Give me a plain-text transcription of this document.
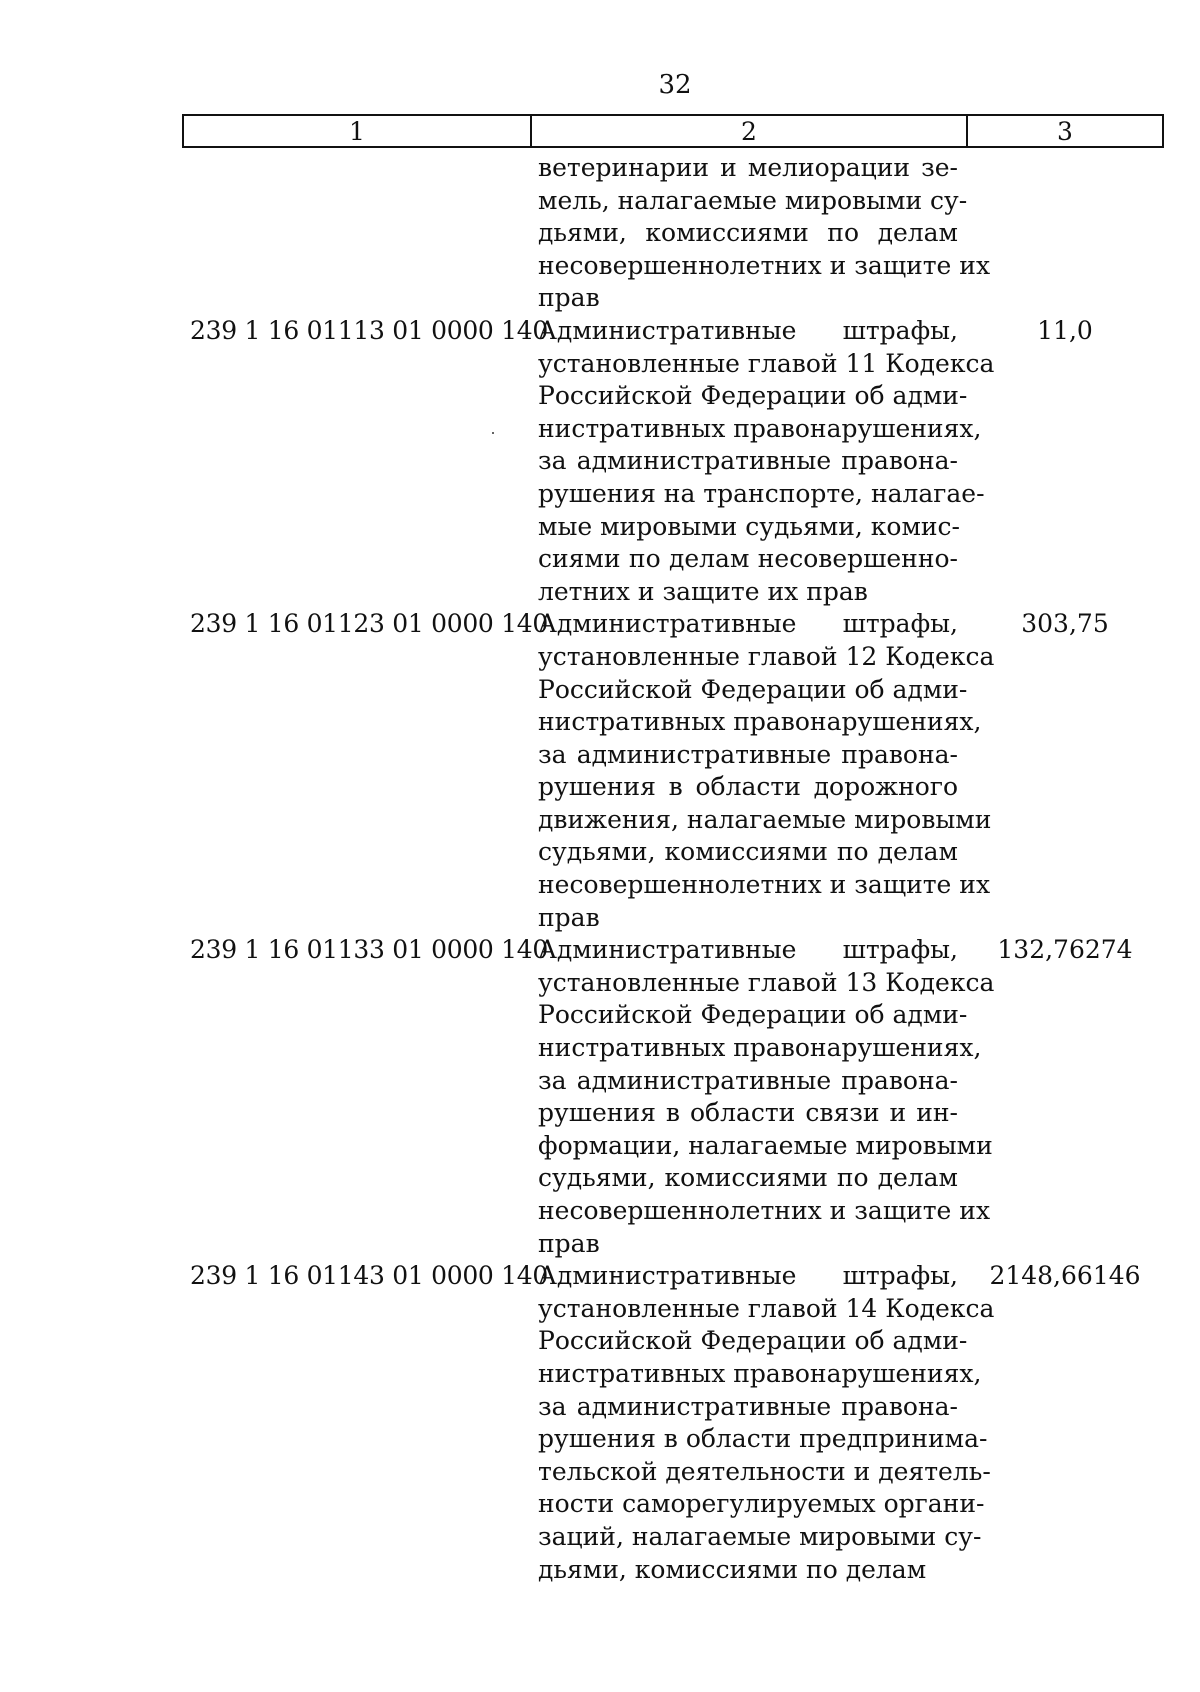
32
1	2	3
ветеринарии и мелиорации зе-
мель, налагаемые мировыми су-
дьями, комиссиями по делам
несовершеннолетних и защите их
прав
239 1 16 01113 01 0000 140
Административные штрафы,
установленные главой 11 Кодекса
Российской Федерации об адми-
нистративных правонарушениях,
за административные правона-
рушения на транспорте, налагае-
мые мировыми судьями, комис-
сиями по делам несовершенно-
летних и защите их прав
11,0
239 1 16 01123 01 0000 140
Административные штрафы,
установленные главой 12 Кодекса
Российской Федерации об адми-
нистративных правонарушениях,
за административные правона-
рушения в области дорожного
движения, налагаемые мировыми
судьями, комиссиями по делам
несовершеннолетних и защите их
прав
303,75
239 1 16 01133 01 0000 140
Административные штрафы,
установленные главой 13 Кодекса
Российской Федерации об адми-
нистративных правонарушениях,
за административные правона-
рушения в области связи и ин-
формации, налагаемые мировыми
судьями, комиссиями по делам
несовершеннолетних и защите их
прав
132,76274
239 1 16 01143 01 0000 140
Административные штрафы,
установленные главой 14 Кодекса
Российской Федерации об адми-
нистративных правонарушениях,
за административные правона-
рушения в области предпринима-
тельской деятельности и деятель-
ности саморегулируемых органи-
заций, налагаемые мировыми су-
дьями, комиссиями по делам
2148,66146
